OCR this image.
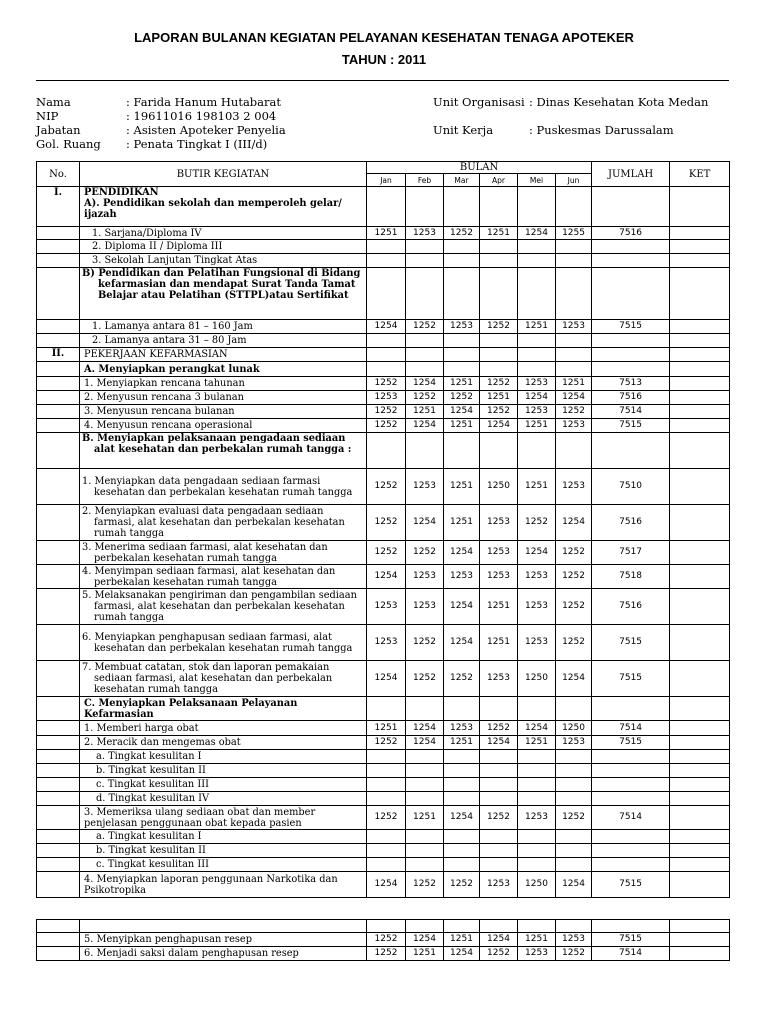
LAPORAN BULANAN KEGIATAN PELAYANAN KESEHATAN TENAGA APOTEKER
TAHUN : 2011
Nama	: Farida Hanum Hutabarat
NIP	: 19611016 198103 2 004
Jabatan	: Asisten Apoteker Penyelia
Gol. Ruang : Penata Tingkat I (III/d)
Unit Organisasi : Dinas Kesehatan Kota Medan
Unit Kerja	: Puskesmas Darussalam
No.	BUTIR KEGIATAN	BULAN						JUMLAH	KET
		Jan	Feb	Mar	Apr	Mei	Jun		
I.	PENDIDIKAN
A). Pendidikan sekolah dan memperoleh gelar/
ijazah								
	1. Sarjana/Diploma IV	1251	1253	1252	1251	1254	1255	7516	
	2. Diploma II / Diploma III								
	3. Sekolah Lanjutan Tingkat Atas								
	B) Pendidikan dan Pelatihan Fungsional di Bidang kefarmasian dan mendapat Surat Tanda Tamat Belajar atau Pelatihan (STTPL)atau Sertifikat								
	1. Lamanya antara 81 – 160 Jam	1254	1252	1253	1252	1251	1253	7515	
	2. Lamanya antara 31 – 80 Jam								
II.	PEKERJAAN KEFARMASIAN								
	A. Menyiapkan perangkat lunak								
	1. Menyiapkan rencana tahunan	1252	1254	1251	1252	1253	1251	7513	
	2. Menyusun rencana 3 bulanan	1253	1252	1252	1251	1254	1254	7516	
	3. Menyusun rencana bulanan	1252	1251	1254	1252	1253	1252	7514	
	4. Menyusun rencana operasional	1252	1254	1251	1254	1251	1253	7515	
	B. Menyiapkan pelaksanaan pengadaan sediaan alat kesehatan dan perbekalan rumah tangga :								
	1. Menyiapkan data pengadaan sediaan farmasi kesehatan dan perbekalan kesehatan rumah tangga	1252	1253	1251	1250	1251	1253	7510	
	2. Menyiapkan evaluasi data pengadaan sediaan farmasi, alat kesehatan dan perbekalan kesehatan rumah tangga	1252	1254	1251	1253	1252	1254	7516	
	3. Menerima sediaan farmasi, alat kesehatan dan perbekalan kesehatan rumah tangga	1252	1252	1254	1253	1254	1252	7517	
	4. Menyimpan sediaan farmasi, alat kesehatan dan perbekalan kesehatan rumah tangga	1254	1253	1253	1253	1253	1252	7518	
	5. Melaksanakan pengiriman dan pengambilan sediaan farmasi, alat kesehatan dan perbekalan kesehatan rumah tangga	1253	1253	1254	1251	1253	1252	7516	
	6. Menyiapkan penghapusan sediaan farmasi, alat kesehatan dan perbekalan kesehatan rumah tangga	1253	1252	1254	1251	1253	1252	7515	
	7. Membuat catatan, stok dan laporan pemakaian sediaan farmasi, alat kesehatan dan perbekalan kesehatan rumah tangga	1254	1252	1252	1253	1250	1254	7515	
	C. Menyiapkan Pelaksanaan Pelayanan Kefarmasian								
	1. Memberi harga obat	1251	1254	1253	1252	1254	1250	7514	
	2. Meracik dan mengemas obat	1252	1254	1251	1254	1251	1253	7515	
	a. Tingkat kesulitan I								
	b. Tingkat kesulitan II								
	c. Tingkat kesulitan III								
	d. Tingkat kesulitan IV								
	3. Memeriksa ulang sediaan obat dan member penjelasan penggunaan obat kepada pasien	1252	1251	1254	1252	1253	1252	7514	
	a. Tingkat kesulitan I								
	b. Tingkat kesulitan II								
	c. Tingkat kesulitan III								
	4. Menyiapkan laporan penggunaan Narkotika dan Psikotropika	1254	1252	1252	1253	1250	1254	7515	

	5. Menyipkan penghapusan resep	1252	1254	1251	1254	1251	1253	7515	
	6. Menjadi saksi dalam penghapusan resep	1252	1251	1254	1252	1253	1252	7514	
